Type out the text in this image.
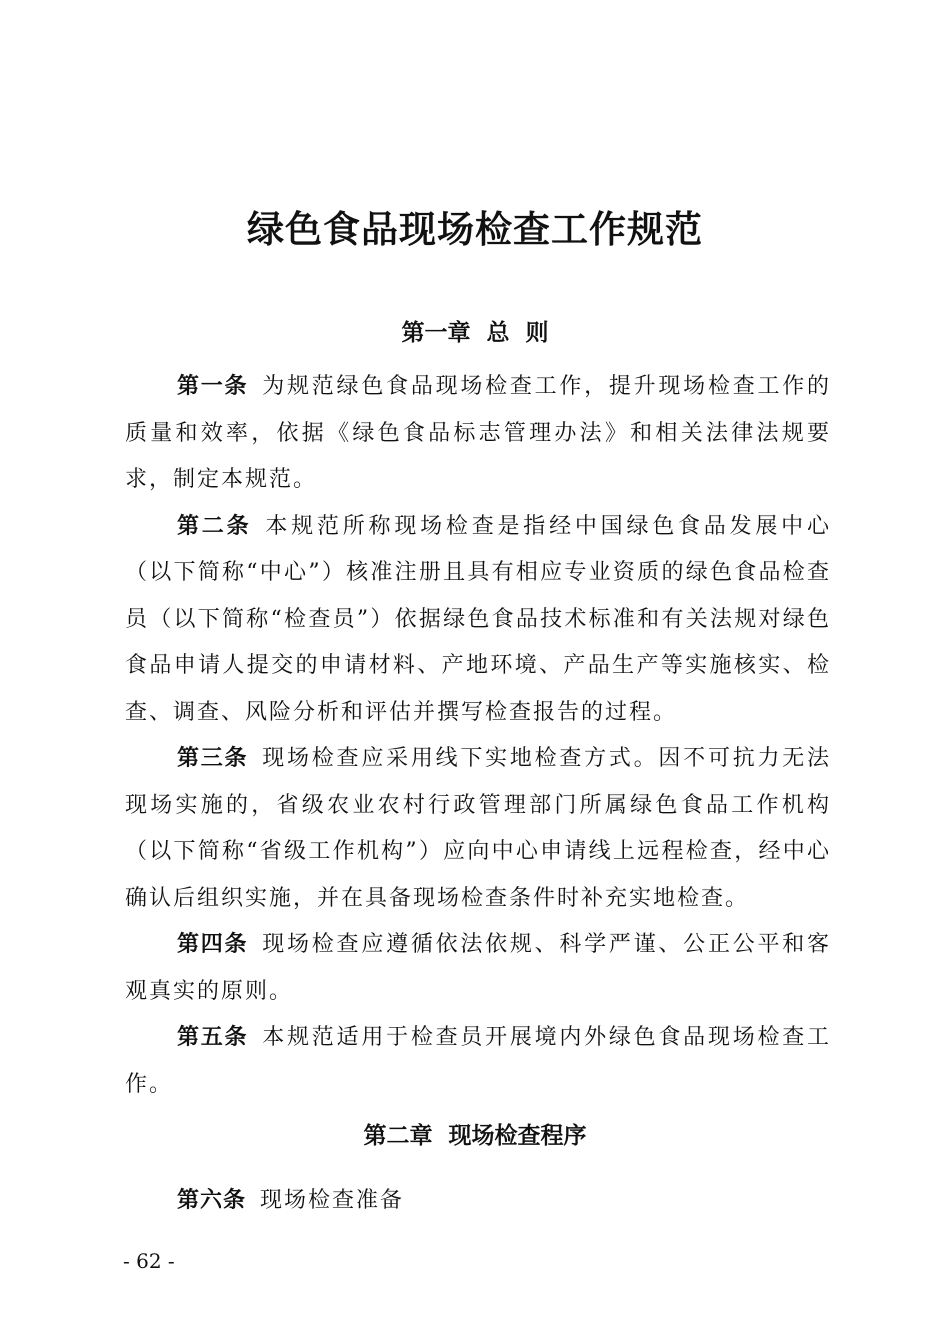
绿色食品现场检查工作规范
第一章  总  则

第一条 为规范绿色食品现场检查工作，提升现场检查工作的质量和效率，依据《绿色食品标志管理办法》和相关法律法规要求，制定本规范。

第二条 本规范所称现场检查是指经中国绿色食品发展中心（以下简称“中心”）核准注册且具有相应专业资质的绿色食品检查员（以下简称“检查员”）依据绿色食品技术标准和有关法规对绿色食品申请人提交的申请材料、产地环境、产品生产等实施核实、检查、调查、风险分析和评估并撰写检查报告的过程。

第三条 现场检查应采用线下实地检查方式。因不可抗力无法现场实施的，省级农业农村行政管理部门所属绿色食品工作机构（以下简称“省级工作机构”）应向中心申请线上远程检查，经中心确认后组织实施，并在具备现场检查条件时补充实地检查。

第四条 现场检查应遵循依法依规、科学严谨、公正公平和客观真实的原则。

第五条 本规范适用于检查员开展境内外绿色食品现场检查工作。

第二章  现场检查程序

第六条 现场检查准备

- 62 -
